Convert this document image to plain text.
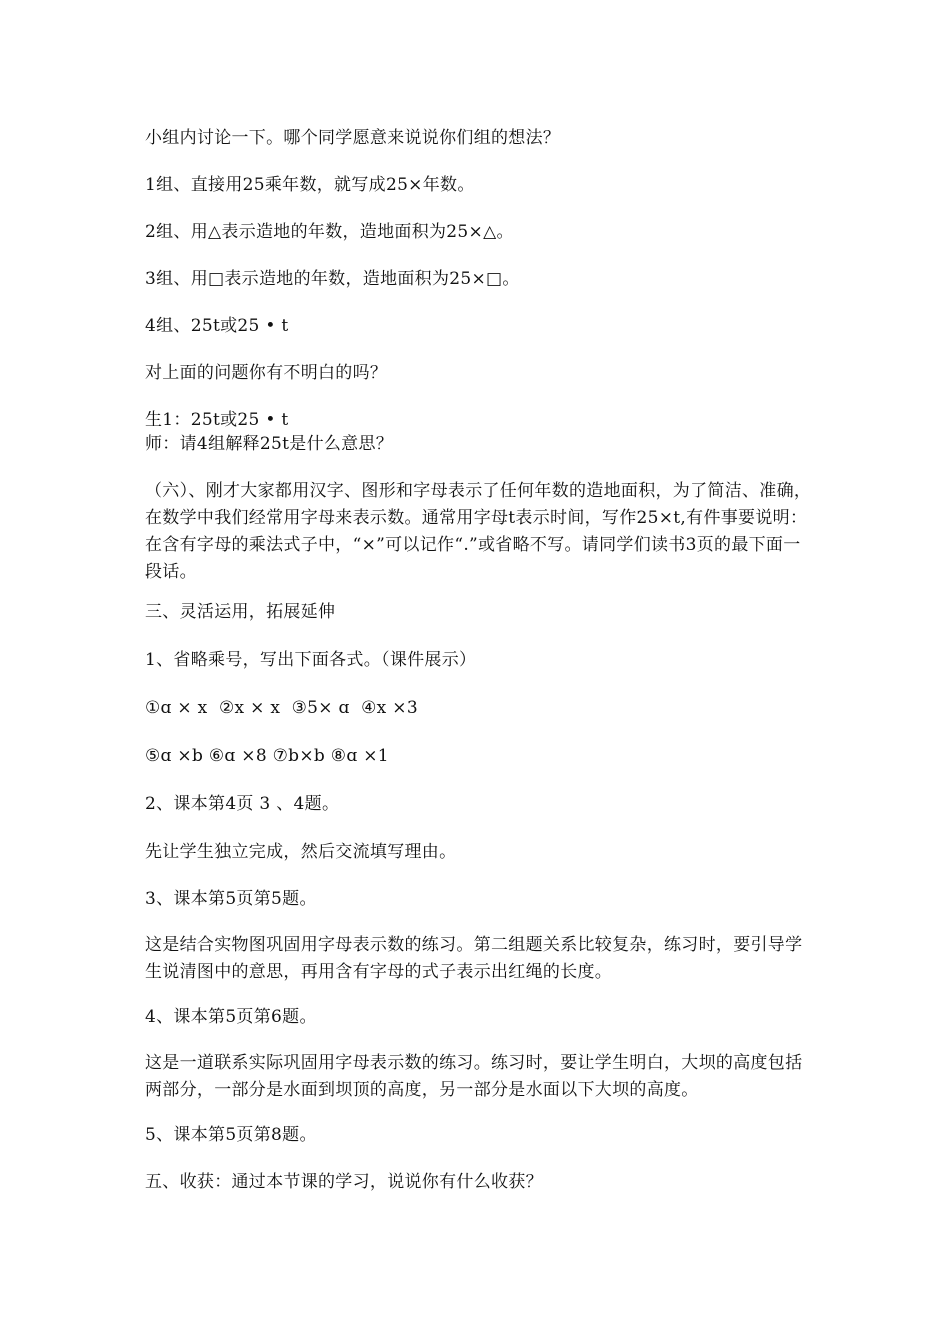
小组内讨论一下。哪个同学愿意来说说你们组的想法？
1组、直接用25乘年数，就写成25×年数。
2组、用△表示造地的年数，造地面积为25×△。
3组、用□表示造地的年数，造地面积为25×□。
4组、25t或25 • t
对上面的问题你有不明白的吗？
生1：25t或25 • t
师：请4组解释25t是什么意思？
（六）、刚才大家都用汉字、图形和字母表示了任何年数的造地面积，为了简洁、准确，在数学中我们经常用字母来表示数。通常用字母t表示时间，写作25×t,有件事要说明：在含有字母的乘法式子中，“×”可以记作“.”或省略不写。请同学们读书3页的最下面一段话。
三、灵活运用，拓展延伸
1、省略乘号，写出下面各式。（课件展示）
①ɑ × x  ②x × x  ③5× ɑ  ④x ×3
⑤ɑ ×b ⑥ɑ ×8 ⑦b×b ⑧ɑ ×1
2、课本第4页 3 、4题。
先让学生独立完成，然后交流填写理由。
3、课本第5页第5题。
这是结合实物图巩固用字母表示数的练习。第二组题关系比较复杂，练习时，要引导学生说清图中的意思，再用含有字母的式子表示出红绳的长度。
4、课本第5页第6题。
这是一道联系实际巩固用字母表示数的练习。练习时，要让学生明白，大坝的高度包括两部分，一部分是水面到坝顶的高度，另一部分是水面以下大坝的高度。
5、课本第5页第8题。
五、收获：通过本节课的学习，说说你有什么收获？
